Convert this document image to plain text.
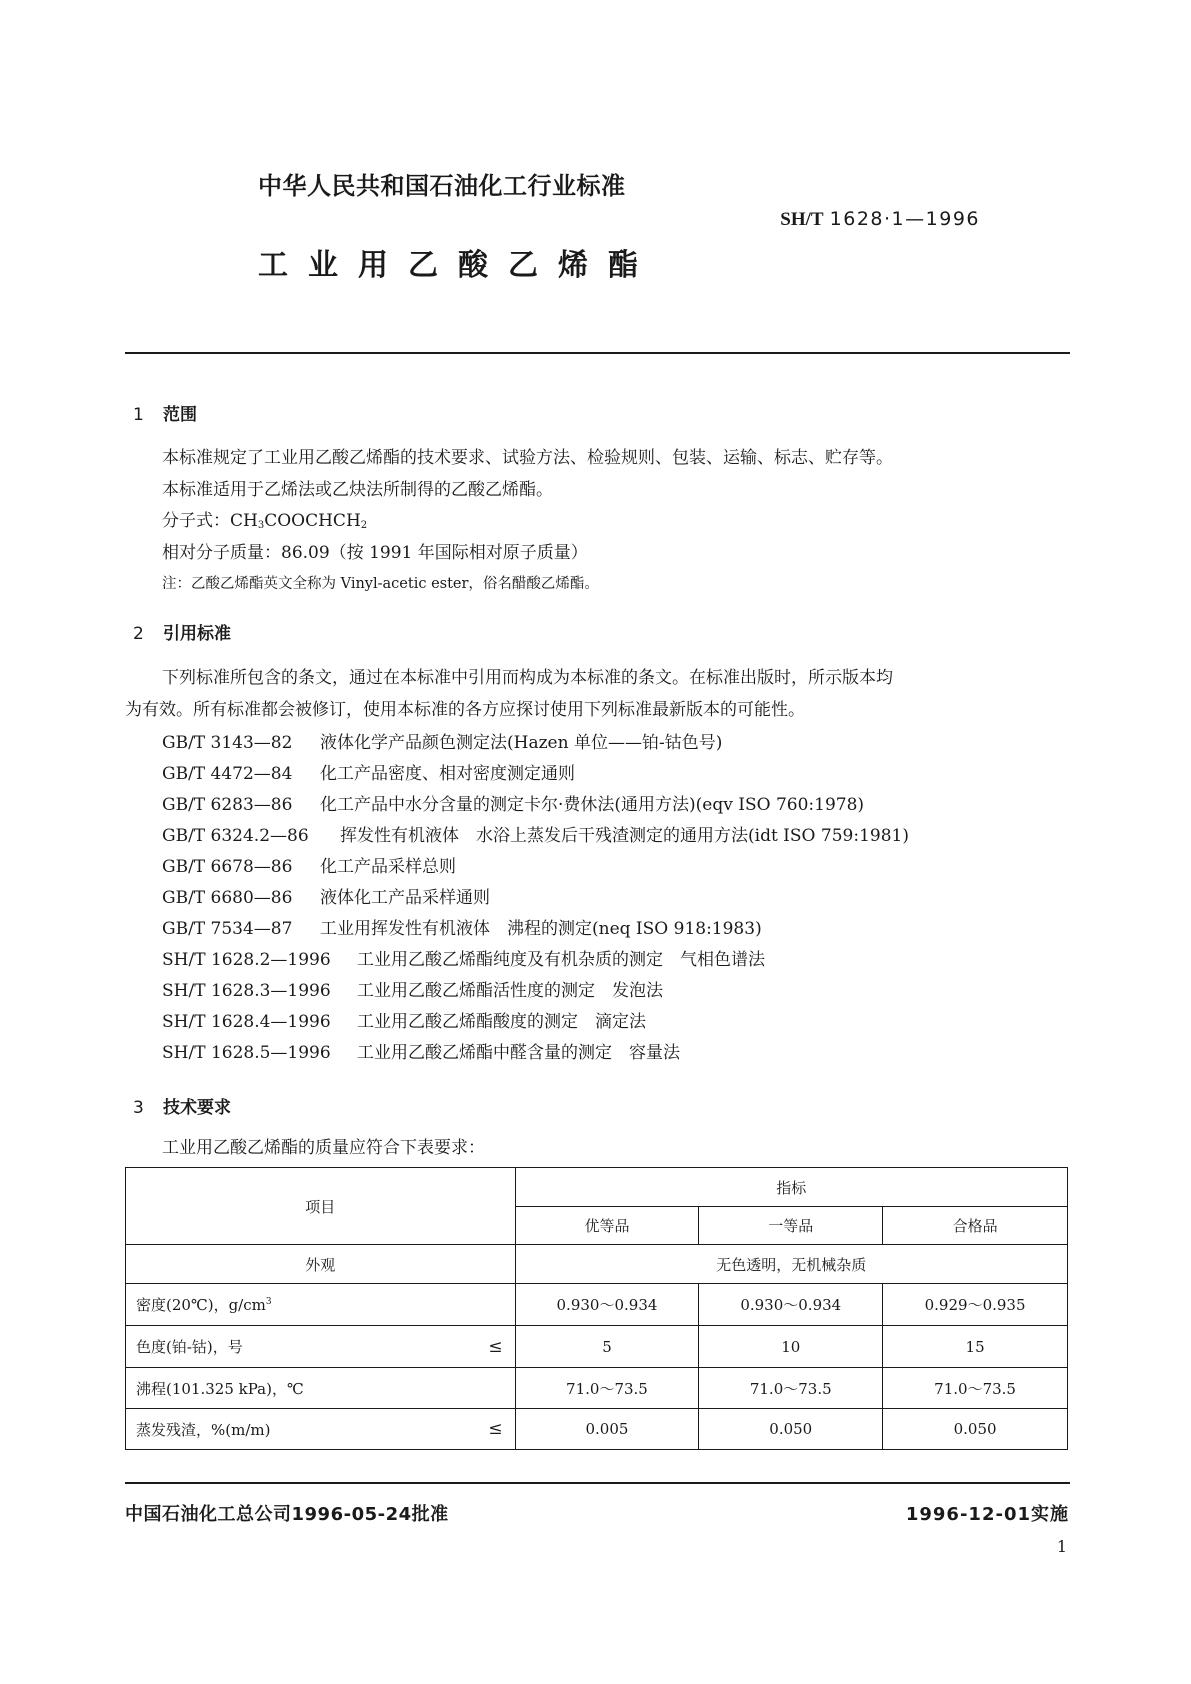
中华人民共和国石油化工行业标准
SH/T 1628·1—1996
工业用乙酸乙烯酯
1 范围
本标准规定了工业用乙酸乙烯酯的技术要求、试验方法、检验规则、包装、运输、标志、贮存等。
本标准适用于乙烯法或乙炔法所制得的乙酸乙烯酯。
分子式：$CH_3COOCHCH_2$
相对分子质量：86.09（按 1991 年国际相对原子质量）
注：乙酸乙烯酯英文全称为 Vinyl-acetic ester，俗名醋酸乙烯酯。
2 引用标准
下列标准所包含的条文，通过在本标准中引用而构成为本标准的条文。在标准出版时，所示版本均
为有效。所有标准都会被修订，使用本标准的各方应探讨使用下列标准最新版本的可能性。
GB/T 3143—82 液体化学产品颜色测定法(Hazen 单位——铂-钴色号)
GB/T 4472—84 化工产品密度、相对密度测定通则
GB/T 6283—86 化工产品中水分含量的测定卡尔·费休法(通用方法)(eqv ISO 760:1978)
GB/T 6324.2—86 挥发性有机液体　水浴上蒸发后干残渣测定的通用方法(idt ISO 759:1981)
GB/T 6678—86 化工产品采样总则
GB/T 6680—86 液体化工产品采样通则
GB/T 7534—87 工业用挥发性有机液体　沸程的测定(neq ISO 918:1983)
SH/T 1628.2—1996 工业用乙酸乙烯酯纯度及有机杂质的测定　气相色谱法
SH/T 1628.3—1996 工业用乙酸乙烯酯活性度的测定　发泡法
SH/T 1628.4—1996 工业用乙酸乙烯酯酸度的测定　滴定法
SH/T 1628.5—1996 工业用乙酸乙烯酯中醛含量的测定　容量法
3 技术要求
工业用乙酸乙烯酯的质量应符合下表要求：
项目	指标		
	优等品	一等品	合格品
外观	无色透明，无机械杂质		
密度(20℃)，$g/cm^3$	0.930～0.934	0.930～0.934	0.929～0.935
色度(铂-钴)，号 ≤	5	10	15
沸程(101.325 kPa)，℃	71.0～73.5	71.0～73.5	71.0～73.5
蒸发残渣，%(m/m) ≤	0.005	0.050	0.050
中国石油化工总公司1996-05-24批准	1996-12-01实施
1
